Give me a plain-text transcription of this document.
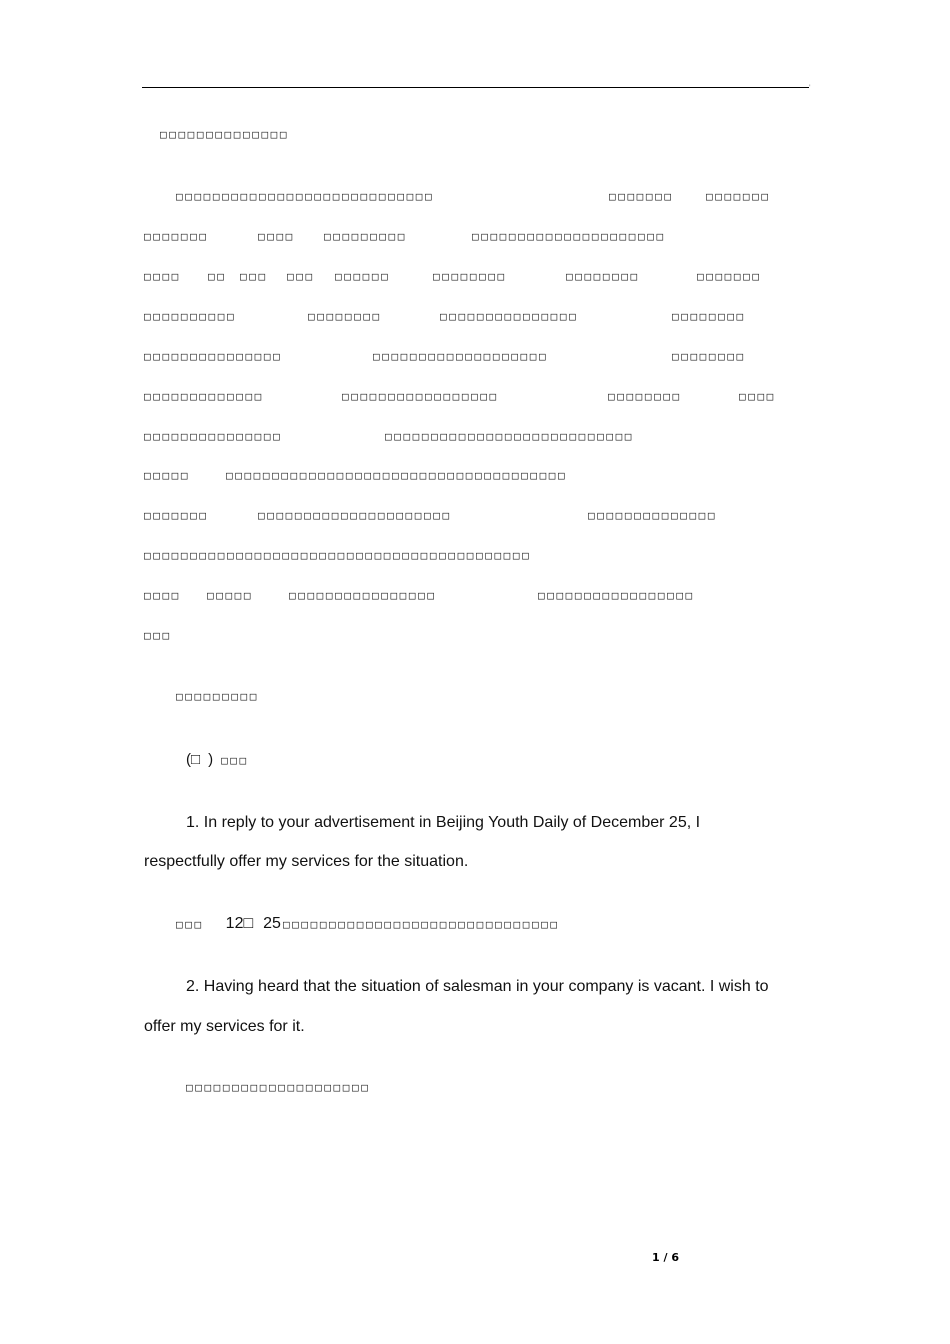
'
□□□□□□□□□□□□□□
□□□□□□□□□□□□□□□□□□□□□□□□□□□□	□□□□□□□	□□□□□□□
□□□□□□□	□□□□	□□□□□□□□□	□□□□□□□□□□□□□□□□□□□□□
□□□□ □□ □□□ □□□ □□□□□□	□□□□□□□□	□□□□□□□□	□□□□□□□
□□□□□□□□□□	□□□□□□□□	□□□□□□□□□□□□□□□	□□□□□□□□
□□□□□□□□□□□□□□□	□□□□□□□□□□□□□□□□□□□	□□□□□□□□
□□□□□□□□□□□□□	□□□□□□□□□□□□□□□□□	□□□□□□□□	□□□□
□□□□□□□□□□□□□□□	□□□□□□□□□□□□□□□□□□□□□□□□□□□
□□□□□	□□□□□□□□□□□□□□□□□□□□□□□□□□□□□□□□□□□□□
□□□□□□□	□□□□□□□□□□□□□□□□□□□□□	□□□□□□□□□□□□□□
□□□□□□□□□□□□□□□□□□□□□□□□□□□□□□□□□□□□□□□□□□
□□□□ □□□□□	□□□□□□□□□□□□□□□□	□□□□□□□□□□□□□□□□□
□□□
□□□□□□□□□
(□ ) □□□
1. In reply to your advertisement in Beijing Youth Daily of December 25, I
respectfully offer my services for the situation.
□□□ 12□ 25 □□□□□□□□□□□□□□□□□□□□□□□□□□□□□□
2. Having heard that the situation of salesman in your company is vacant. I wish to
offer my services for it.
□□□□□□□□□□□□□□□□□□□□
1 / 6
